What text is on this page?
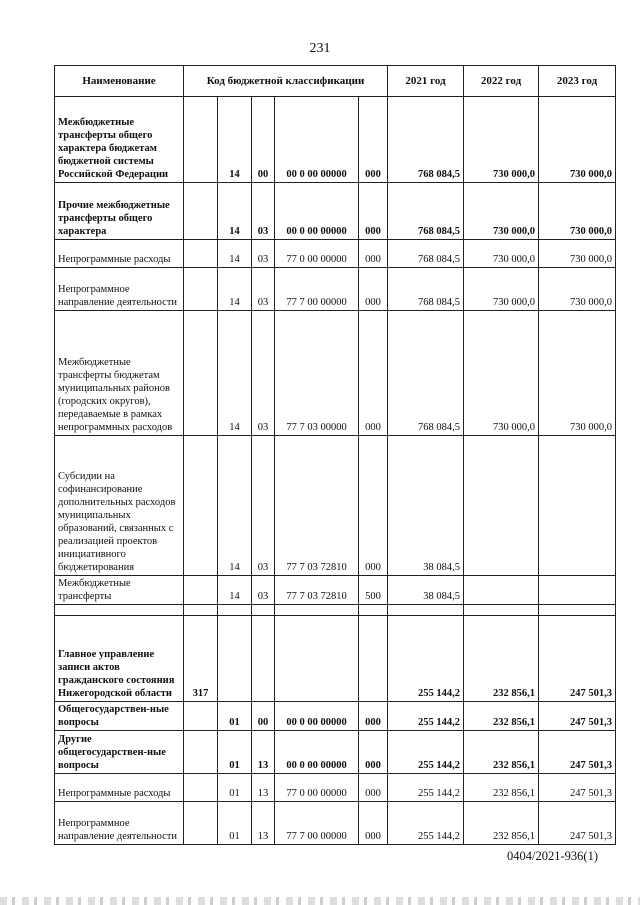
231
Наименование	Код бюджетной классификации					2021 год	2022 год	2023 год
Межбюджетные трансферты общего характера бюджетам бюджетной системы Российской Федерации		14	00	00 0 00 00000	000	768 084,5	730 000,0	730 000,0
Прочие межбюджетные трансферты общего характера		14	03	00 0 00 00000	000	768 084,5	730 000,0	730 000,0
Непрограммные расходы		14	03	77 0 00 00000	000	768 084,5	730 000,0	730 000,0
Непрограммное направление деятельности		14	03	77 7 00 00000	000	768 084,5	730 000,0	730 000,0
Межбюджетные трансферты бюджетам муниципальных районов (городских округов), передаваемые в рамках непрограммных расходов		14	03	77 7 03 00000	000	768 084,5	730 000,0	730 000,0
Субсидии на софинансирование дополнительных расходов муниципальных образований, связанных с реализацией проектов инициативного бюджетирования		14	03	77 7 03 72810	000	38 084,5		
Межбюджетные трансферты		14	03	77 7 03 72810	500	38 084,5		

Главное управление записи актов гражданского состояния Нижегородской области	317					255 144,2	232 856,1	247 501,3
Общегосударствен-ные вопросы		01	00	00 0 00 00000	000	255 144,2	232 856,1	247 501,3
Другие общегосударствен-ные вопросы		01	13	00 0 00 00000	000	255 144,2	232 856,1	247 501,3
Непрограммные расходы		01	13	77 0 00 00000	000	255 144,2	232 856,1	247 501,3
Непрограммное направление деятельности		01	13	77 7 00 00000	000	255 144,2	232 856,1	247 501,3
0404/2021-936(1)
